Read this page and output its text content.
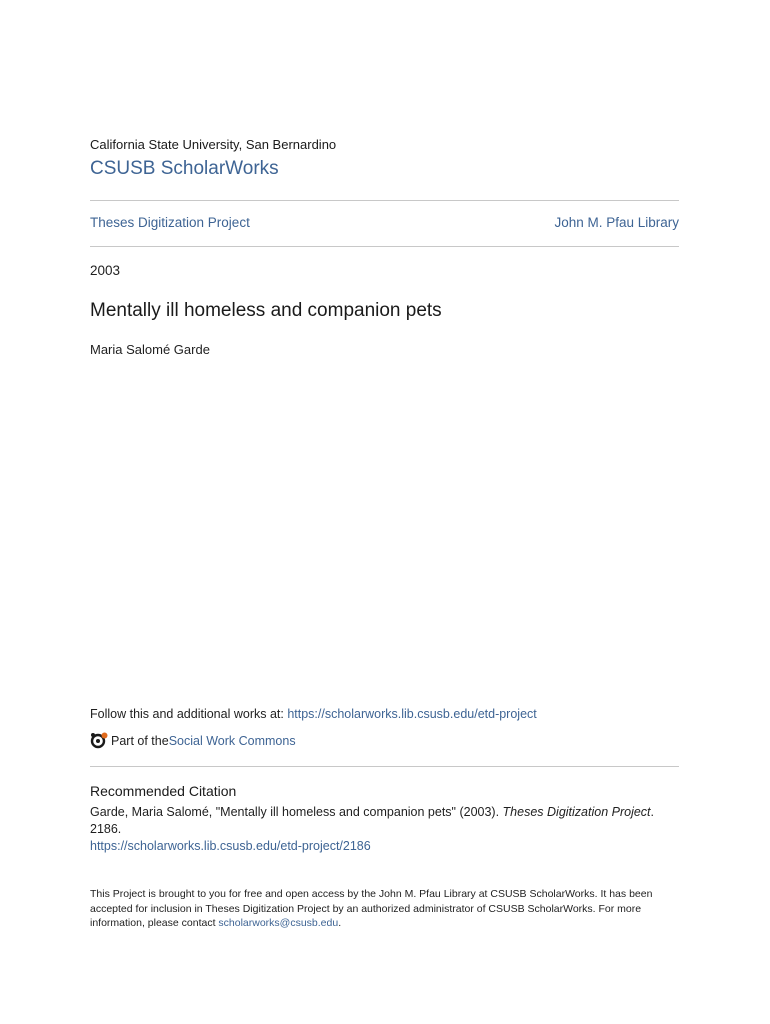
California State University, San Bernardino
CSUSB ScholarWorks
Theses Digitization Project	John M. Pfau Library
2003
Mentally ill homeless and companion pets
Maria Salomé Garde
Follow this and additional works at: https://scholarworks.lib.csusb.edu/etd-project
Part of the Social Work Commons
Recommended Citation
Garde, Maria Salomé, "Mentally ill homeless and companion pets" (2003). Theses Digitization Project. 2186.
https://scholarworks.lib.csusb.edu/etd-project/2186
This Project is brought to you for free and open access by the John M. Pfau Library at CSUSB ScholarWorks. It has been accepted for inclusion in Theses Digitization Project by an authorized administrator of CSUSB ScholarWorks. For more information, please contact scholarworks@csusb.edu.
